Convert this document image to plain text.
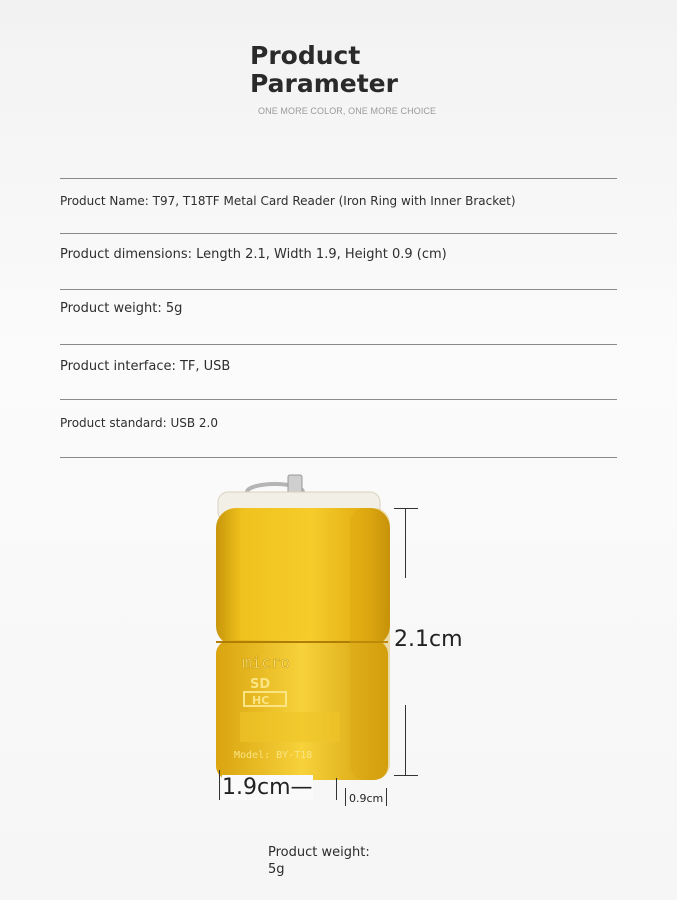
Product
Parameter
ONE MORE COLOR, ONE MORE CHOICE
Product Name: T97, T18TF Metal Card Reader (Iron Ring with Inner Bracket)
Product dimensions: Length 2.1, Width 1.9, Height 0.9 (cm)
Product weight: 5g
Product interface: TF, USB
Product standard: USB 2.0
micro
SD
HC
Model: BY-T18
2.1cm
1.9cm—	0.9cm
Product weight:
5g
